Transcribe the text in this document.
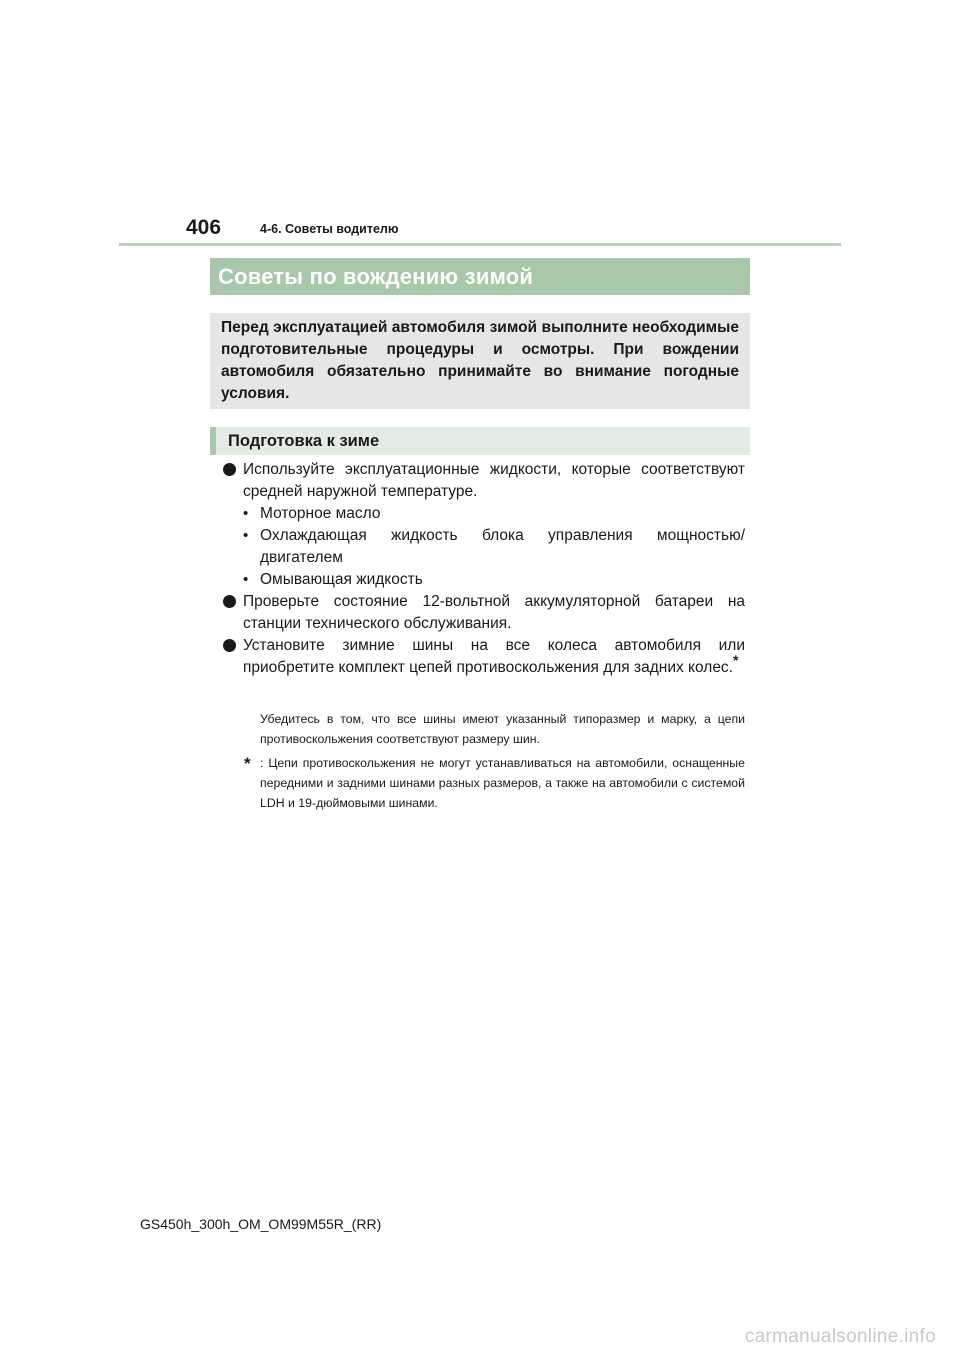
406	4-6. Советы водителю
Советы по вождению зимой

Перед эксплуатацией автомобиля зимой выполните необходимые подготовительные процедуры и осмотры. При вождении автомобиля обязательно принимайте во внимание погодные условия.

Подготовка к зиме
Используйте эксплуатационные жидкости, которые соответствуют средней наружной температуре.
• Моторное масло
• Охлаждающая жидкость блока управления мощностью/двигателем
• Омывающая жидкость
Проверьте состояние 12-вольтной аккумуляторной батареи на станции технического обслуживания.
Установите зимние шины на все колеса автомобиля или приобретите комплект цепей противоскольжения для задних колес.*
Убедитесь в том, что все шины имеют указанный типоразмер и марку, а цепи противоскольжения соответствуют размеру шин.
* : Цепи противоскольжения не могут устанавливаться на автомобили, оснащенные передними и задними шинами разных размеров, а также на автомобили с системой LDH и 19-дюймовыми шинами.
GS450h_300h_OM_OM99M55R_(RR)
carmanualsonline.info
